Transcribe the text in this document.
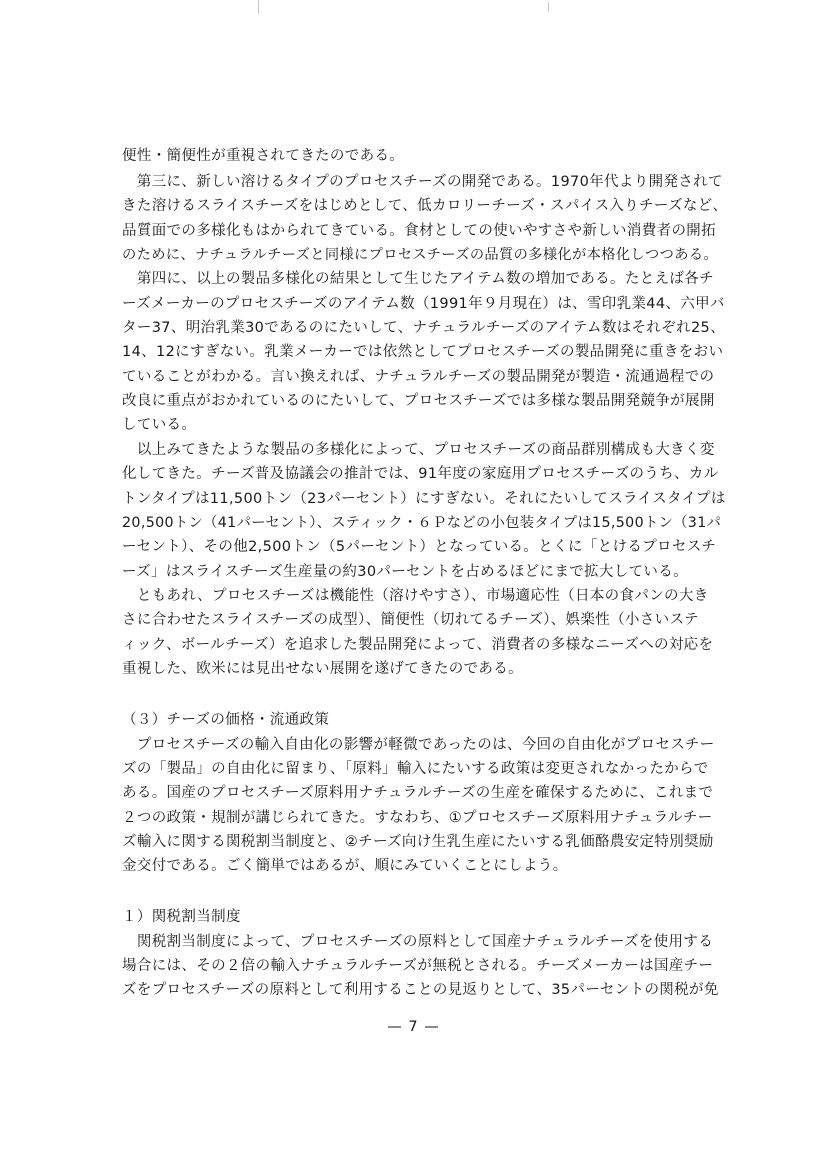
便性・簡便性が重視されてきたのである。
　第三に、新しい溶けるタイプのプロセスチーズの開発である。1970年代より開発されて
きた溶けるスライスチーズをはじめとして、低カロリーチーズ・スパイス入りチーズなど、
品質面での多様化もはかられてきている。食材としての使いやすさや新しい消費者の開拓
のために、ナチュラルチーズと同様にプロセスチーズの品質の多様化が本格化しつつある。
　第四に、以上の製品多様化の結果として生じたアイテム数の増加である。たとえば各チ
ーズメーカーのプロセスチーズのアイテム数（1991年９月現在）は、雪印乳業44、六甲バ
ター37、明治乳業30であるのにたいして、ナチュラルチーズのアイテム数はそれぞれ25、
14、12にすぎない。乳業メーカーでは依然としてプロセスチーズの製品開発に重きをおい
ていることがわかる。言い換えれば、ナチュラルチーズの製品開発が製造・流通過程での
改良に重点がおかれているのにたいして、プロセスチーズでは多様な製品開発競争が展開
している。
　以上みてきたような製品の多様化によって、プロセスチーズの商品群別構成も大きく変
化してきた。チーズ普及協議会の推計では、91年度の家庭用プロセスチーズのうち、カル
トンタイプは11,500トン（23パーセント）にすぎない。それにたいしてスライスタイプは
20,500トン（41パーセント）、スティック・６Ｐなどの小包装タイプは15,500トン（31パ
ーセント）、その他2,500トン（5パーセント）となっている。とくに「とけるプロセスチ
ーズ」はスライスチーズ生産量の約30パーセントを占めるほどにまで拡大している。
　ともあれ、プロセスチーズは機能性（溶けやすさ）、市場適応性（日本の食パンの大き
さに合わせたスライスチーズの成型）、簡便性（切れてるチーズ）、娯楽性（小さいステ
ィック、ボールチーズ）を追求した製品開発によって、消費者の多様なニーズへの対応を
重視した、欧米には見出せない展開を遂げてきたのである。
（３）チーズの価格・流通政策
　プロセスチーズの輸入自由化の影響が軽微であったのは、今回の自由化がプロセスチー
ズの「製品」の自由化に留まり、「原料」輸入にたいする政策は変更されなかったからで
ある。国産のプロセスチーズ原料用ナチュラルチーズの生産を確保するために、これまで
２つの政策・規制が講じられてきた。すなわち、①プロセスチーズ原料用ナチュラルチー
ズ輸入に関する関税割当制度と、②チーズ向け生乳生産にたいする乳価酪農安定特別奨励
金交付である。ごく簡単ではあるが、順にみていくことにしよう。
１）関税割当制度
　関税割当制度によって、プロセスチーズの原料として国産ナチュラルチーズを使用する
場合には、その２倍の輸入ナチュラルチーズが無税とされる。チーズメーカーは国産チー
ズをプロセスチーズの原料として利用することの見返りとして、35パーセントの関税が免
— 7 —
